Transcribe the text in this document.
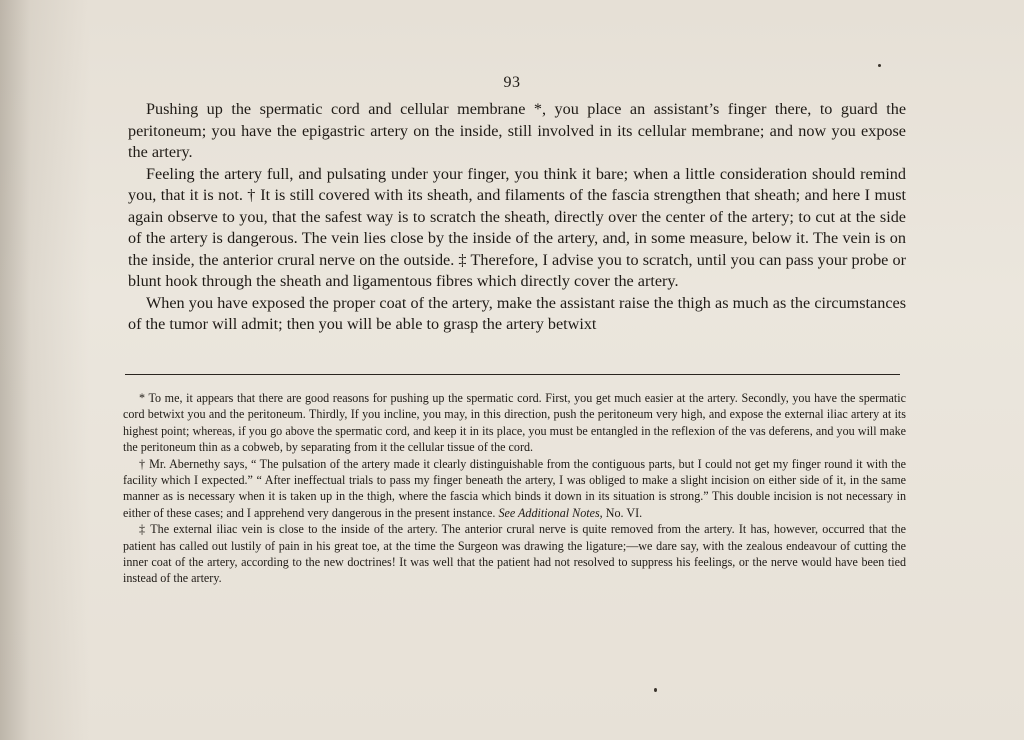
93

Pushing up the spermatic cord and cellular membrane *, you place an assistant’s finger there, to guard the peritoneum; you have the epigastric artery on the inside, still involved in its cellular membrane; and now you expose the artery.

Feeling the artery full, and pulsating under your finger, you think it bare; when a little consideration should remind you, that it is not. † It is still covered with its sheath, and filaments of the fascia strengthen that sheath; and here I must again observe to you, that the safest way is to scratch the sheath, directly over the center of the artery; to cut at the side of the artery is dangerous. The vein lies close by the inside of the artery, and, in some measure, below it. The vein is on the inside, the anterior crural nerve on the outside. ‡ Therefore, I advise you to scratch, until you can pass your probe or blunt hook through the sheath and ligamentous fibres which directly cover the artery.

When you have exposed the proper coat of the artery, make the assistant raise the thigh as much as the circumstances of the tumor will admit; then you will be able to grasp the artery betwixt

* To me, it appears that there are good reasons for pushing up the spermatic cord. First, you get much easier at the artery. Secondly, you have the spermatic cord betwixt you and the peritoneum. Thirdly, If you incline, you may, in this direction, push the peritoneum very high, and expose the external iliac artery at its highest point; whereas, if you go above the spermatic cord, and keep it in its place, you must be entangled in the reflexion of the vas deferens, and you will make the peritoneum thin as a cobweb, by separating from it the cellular tissue of the cord.

† Mr. Abernethy says, “ The pulsation of the artery made it clearly distinguishable from the contiguous parts, but I could not get my finger round it with the facility which I expected.” “ After ineffectual trials to pass my finger beneath the artery, I was obliged to make a slight incision on either side of it, in the same manner as is necessary when it is taken up in the thigh, where the fascia which binds it down in its situation is strong.” This double incision is not necessary in either of these cases; and I apprehend very dangerous in the present instance. See Additional Notes, No. VI.

‡ The external iliac vein is close to the inside of the artery. The anterior crural nerve is quite removed from the artery. It has, however, occurred that the patient has called out lustily of pain in his great toe, at the time the Surgeon was drawing the ligature;—we dare say, with the zealous endeavour of cutting the inner coat of the artery, according to the new doctrines! It was well that the patient had not resolved to suppress his feelings, or the nerve would have been tied instead of the artery.
